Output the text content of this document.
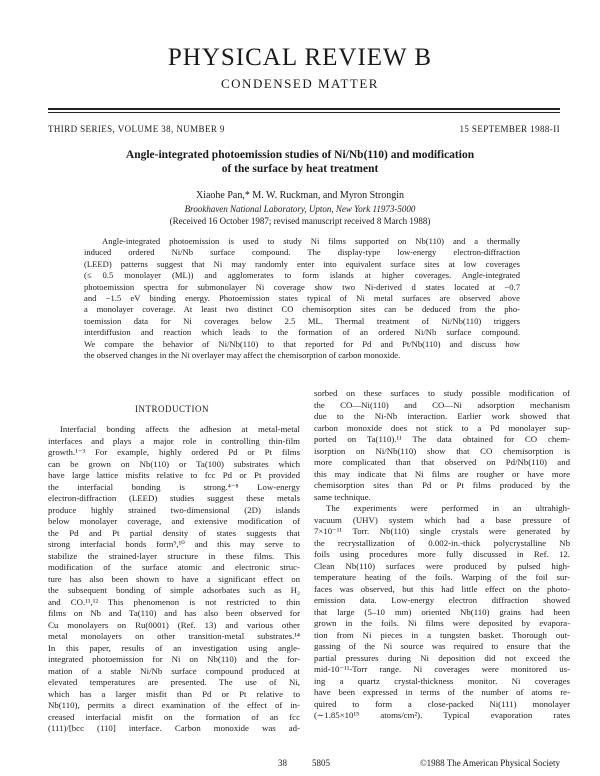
PHYSICAL REVIEW B
CONDENSED MATTER
THIRD SERIES, VOLUME 38, NUMBER 9	15 SEPTEMBER 1988-II
Angle-integrated photoemission studies of Ni/Nb(110) and modification
of the surface by heat treatment
Xiaohe Pan,* M. W. Ruckman, and Myron Strongin
Brookhaven National Laboratory, Upton, New York 11973-5000
(Received 16 October 1987; revised manuscript received 8 March 1988)
Angle-integrated photoemission is used to study Ni films supported on Nb(110) and a thermally
induced ordered Ni/Nb surface compound. The display-type low-energy electron-diffraction
(LEED) patterns suggest that Ni may randomly enter into equivalent surface sites at low coverages
(≤ 0.5 monolayer (ML)) and agglomerates to form islands at higher coverages. Angle-integrated
photoemission spectra for submonolayer Ni coverage show two Ni-derived d states located at −0.7
and −1.5 eV binding energy. Photoemission states typical of Ni metal surfaces are observed above
a monolayer coverage. At least two distinct CO chemisorption sites can be deduced from the pho-
toemission data for Ni coverages below 2.5 ML. Thermal treatment of Ni/Nb(110) triggers
interdiffusion and reaction which leads to the formation of an ordered Ni/Nb surface compound.
We compare the behavior of Ni/Nb(110) to that reported for Pd and Pt/Nb(110) and discuss how
the observed changes in the Ni overlayer may affect the chemisorption of carbon monoxide.
INTRODUCTION
Interfacial bonding affects the adhesion at metal-metal
interfaces and plays a major role in controlling thin-film
growth.¹⁻³ For example, highly ordered Pd or Pt films
can be grown on Nb(110) or Ta(100) substrates which
have large lattice misfits relative to fcc Pd or Pt provided
the interfacial bonding is strong.⁴⁻⁸ Low-energy
electron-diffraction (LEED) studies suggest these metals
produce highly strained two-dimensional (2D) islands
below monolayer coverage, and extensive modification of
the Pd and Pt partial density of states suggests that
strong interfacial bonds form⁹,¹⁰ and this may serve to
stabilize the strained-layer structure in these films. This
modification of the surface atomic and electronic struc-
ture has also been shown to have a significant effect on
the subsequent bonding of simple adsorbates such as H₂
and CO.¹¹,¹² This phenomenon is not restricted to thin
films on Nb and Ta(110) and has also been observed for
Cu monolayers on Ru(0001) (Ref. 13) and various other
metal monolayers on other transition-metal substrates.¹⁴
In this paper, results of an investigation using angle-
integrated photoemission for Ni on Nb(110) and the for-
mation of a stable Ni/Nb surface compound produced at
elevated temperatures are presented. The use of Ni,
which has a larger misfit than Pd or Pt relative to
Nb(110), permits a direct examination of the effect of in-
creased interfacial misfit on the formation of an fcc
(111)/[bcc (110] interface. Carbon monoxide was ad-
sorbed on these surfaces to study possible modification of
the CO—Ni(110) and CO—Ni adsorption mechanism
due to the Ni-Nb interaction. Earlier work showed that
carbon monoxide does not stick to a Pd monolayer sup-
ported on Ta(110).¹¹ The data obtained for CO chem-
isorption on Ni/Nb(110) show that CO chemisorption is
more complicated than that observed on Pd/Nb(110) and
this may indicate that Ni films are rougher or have more
chemisorption sites than Pd or Pt films produced by the
same technique.
The experiments were performed in an ultrahigh-
vacuum (UHV) system which had a base pressure of
7×10⁻¹¹ Torr. Nb(110) single crystals were generated by
the recrystallization of 0.002-in.-thick polycrystalline Nb
foils using procedures more fully discussed in Ref. 12.
Clean Nb(110) surfaces were produced by pulsed high-
temperature heating of the foils. Warping of the foil sur-
faces was observed, but this had little effect on the photo-
emission data. Low-energy electron diffraction showed
that large (5–10 mm) oriented Nb(110) grains had been
grown in the foils. Ni films were deposited by evapora-
tion from Ni pieces in a tungsten basket. Thorough out-
gassing of the Ni source was required to ensure that the
partial pressures during Ni deposition did not exceed the
mid-10⁻¹¹-Torr range. Ni coverages were monitored us-
ing a quartz crystal-thickness monitor. Ni coverages
have been expressed in terms of the number of atoms re-
quired to form a close-packed Ni(111) monolayer
(∼1.85×10¹⁵ atoms/cm²). Typical evaporation rates
38	5805	©1988 The American Physical Society
